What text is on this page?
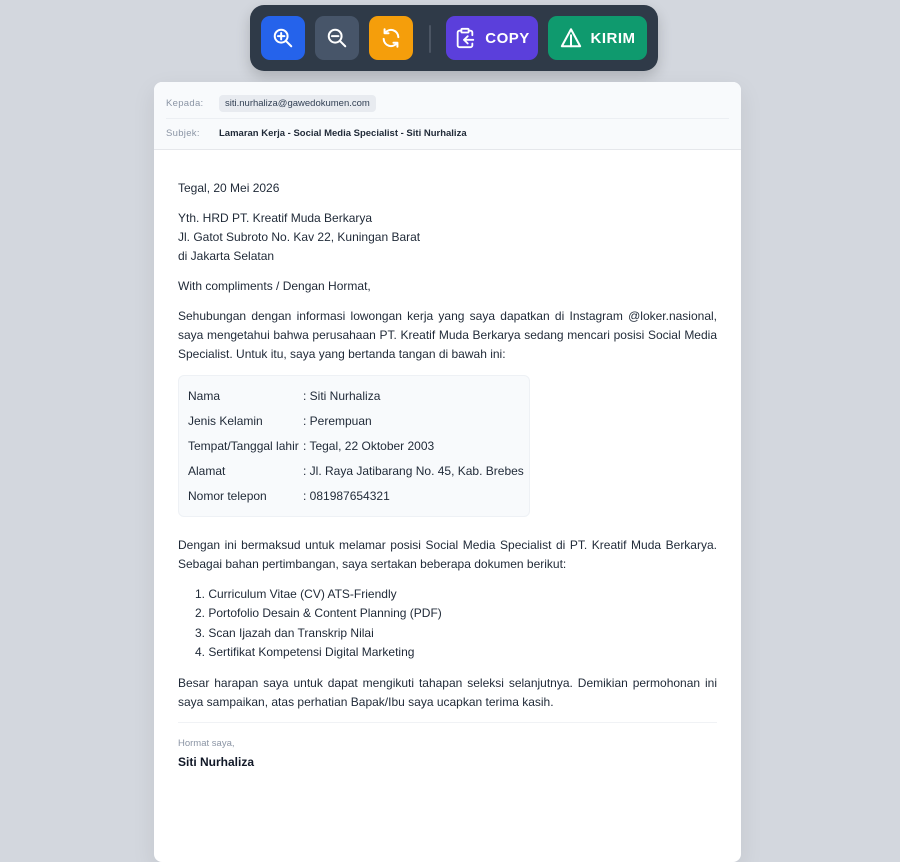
COPY	KIRIM
Kepada:	siti.nurhaliza@gawedokumen.com
Subjek:	Lamaran Kerja - Social Media Specialist - Siti Nurhaliza

Tegal, 20 Mei 2026

Yth. HRD PT. Kreatif Muda Berkarya

Jl. Gatot Subroto No. Kav 22, Kuningan Barat

di Jakarta Selatan

With compliments / Dengan Hormat,

Sehubungan dengan informasi lowongan kerja yang saya dapatkan di Instagram @loker.nasional, saya mengetahui bahwa perusahaan PT. Kreatif Muda Berkarya sedang mencari posisi Social Media Specialist. Untuk itu, saya yang bertanda tangan di bawah ini:

Nama	: Siti Nurhaliza
Jenis Kelamin	: Perempuan
Tempat/Tanggal lahir : Tegal, 22 Oktober 2003
Alamat	: Jl. Raya Jatibarang No. 45, Kab. Brebes
Nomor telepon	: 081987654321

Dengan ini bermaksud untuk melamar posisi Social Media Specialist di PT. Kreatif Muda Berkarya. Sebagai bahan pertimbangan, saya sertakan beberapa dokumen berikut:

1. Curriculum Vitae (CV) ATS-Friendly
2. Portofolio Desain & Content Planning (PDF)
3. Scan Ijazah dan Transkrip Nilai
4. Sertifikat Kompetensi Digital Marketing

Besar harapan saya untuk dapat mengikuti tahapan seleksi selanjutnya. Demikian permohonan ini saya sampaikan, atas perhatian Bapak/Ibu saya ucapkan terima kasih.

Hormat saya,

Siti Nurhaliza
